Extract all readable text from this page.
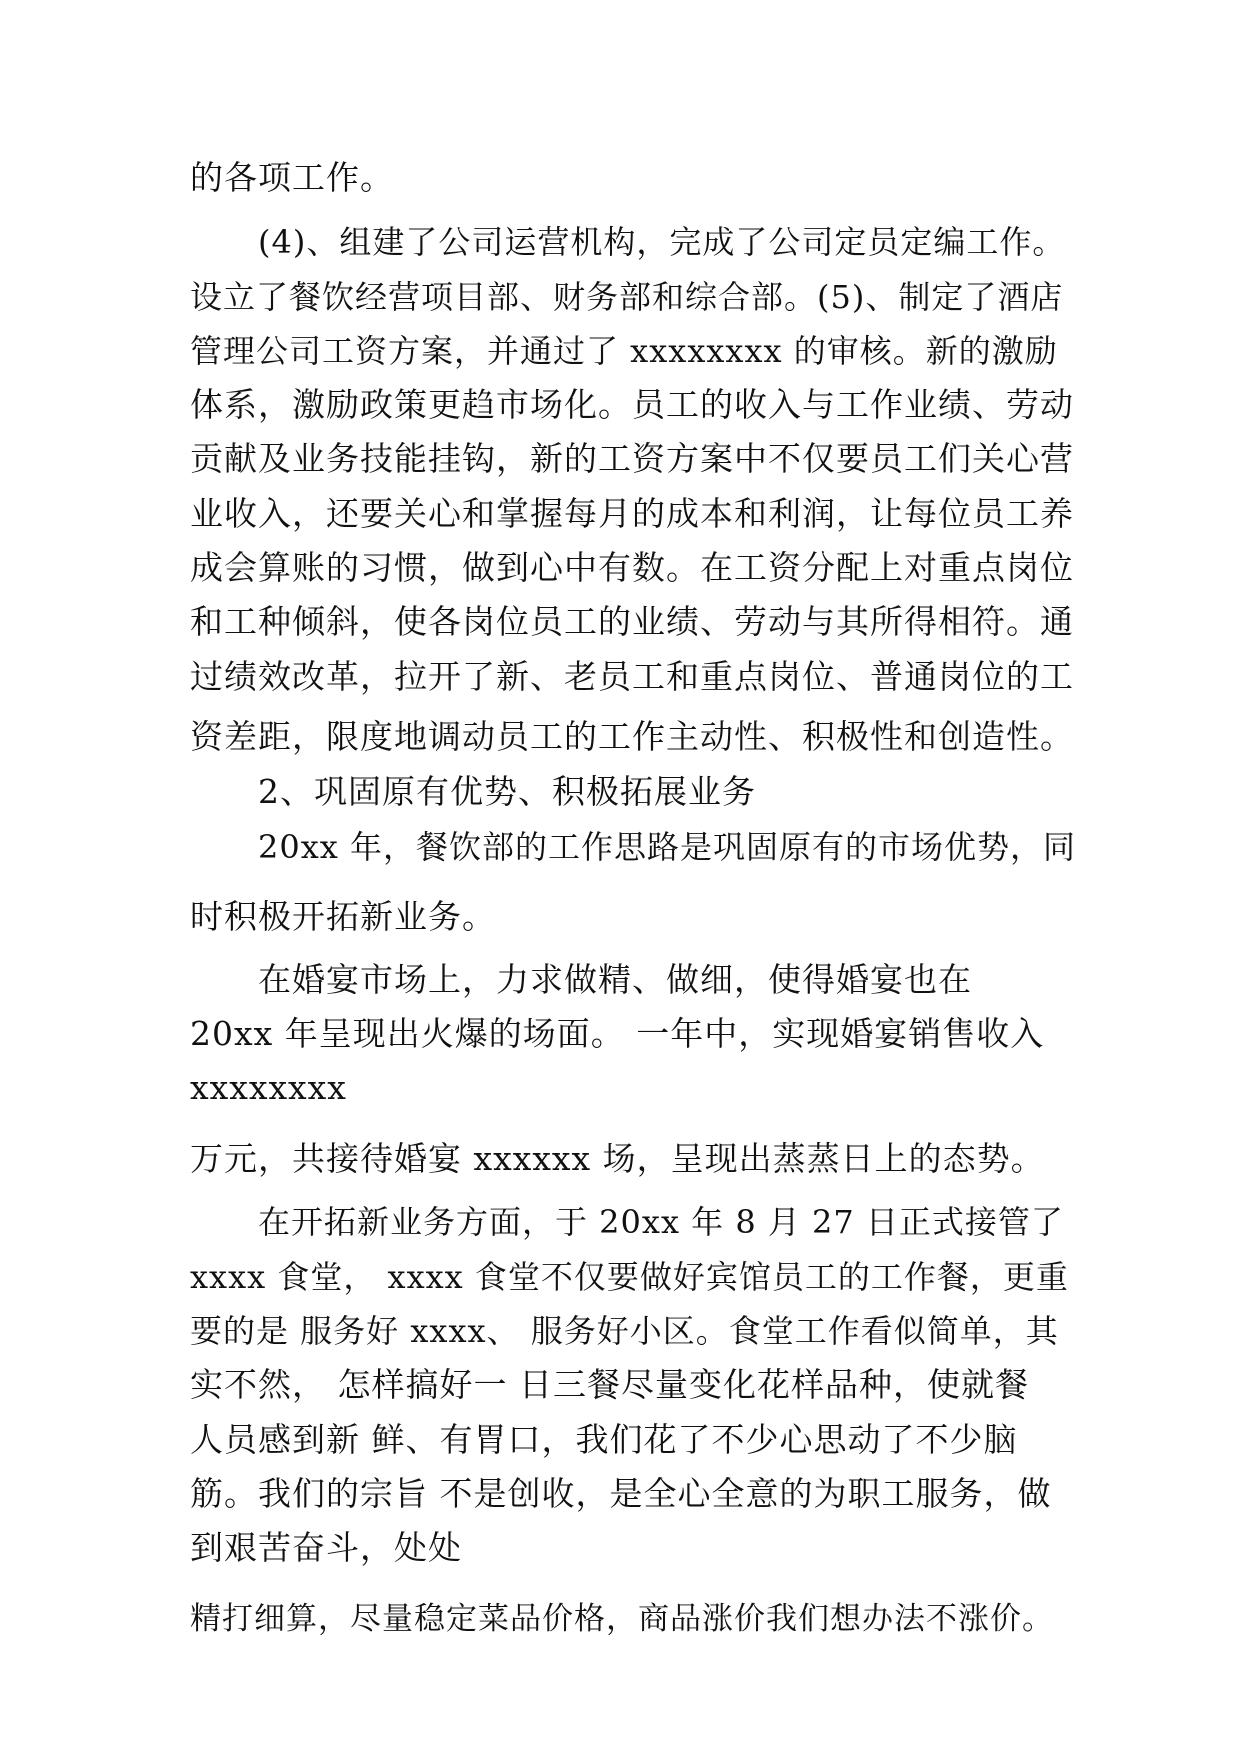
的各项工作。

(4)、组建了公司运营机构，完成了公司定员定编工作。

设立了餐饮经营项目部、财务部和综合部。(5)、制定了酒店

管理公司工资方案，并通过了 xxxxxxxx 的审核。新的激励

体系，激励政策更趋市场化。员工的收入与工作业绩、劳动

贡献及业务技能挂钩，新的工资方案中不仅要员工们关心营

业收入，还要关心和掌握每月的成本和利润，让每位员工养

成会算账的习惯，做到心中有数。在工资分配上对重点岗位

和工种倾斜，使各岗位员工的业绩、劳动与其所得相符。通

过绩效改革，拉开了新、老员工和重点岗位、普通岗位的工

资差距，限度地调动员工的工作主动性、积极性和创造性。

2、巩固原有优势、积极拓展业务

20xx 年，餐饮部的工作思路是巩固原有的市场优势，同

时积极开拓新业务。

在婚宴市场上，力求做精、做细，使得婚宴也在

20xx 年呈现出火爆的场面。 一年中，实现婚宴销售收入

xxxxxxxx

万元，共接待婚宴 xxxxxx 场，呈现出蒸蒸日上的态势。

在开拓新业务方面，于 20xx 年 8 月 27 日正式接管了

xxxx 食堂， xxxx 食堂不仅要做好宾馆员工的工作餐，更重

要的是 服务好 xxxx、 服务好小区。食堂工作看似简单，其

实不然， 怎样搞好一 日三餐尽量变化花样品种，使就餐

人员感到新 鲜、有胃口，我们花了不少心思动了不少脑

筋。我们的宗旨 不是创收，是全心全意的为职工服务，做

到艰苦奋斗，处处

精打细算，尽量稳定菜品价格，商品涨价我们想办法不涨价。
